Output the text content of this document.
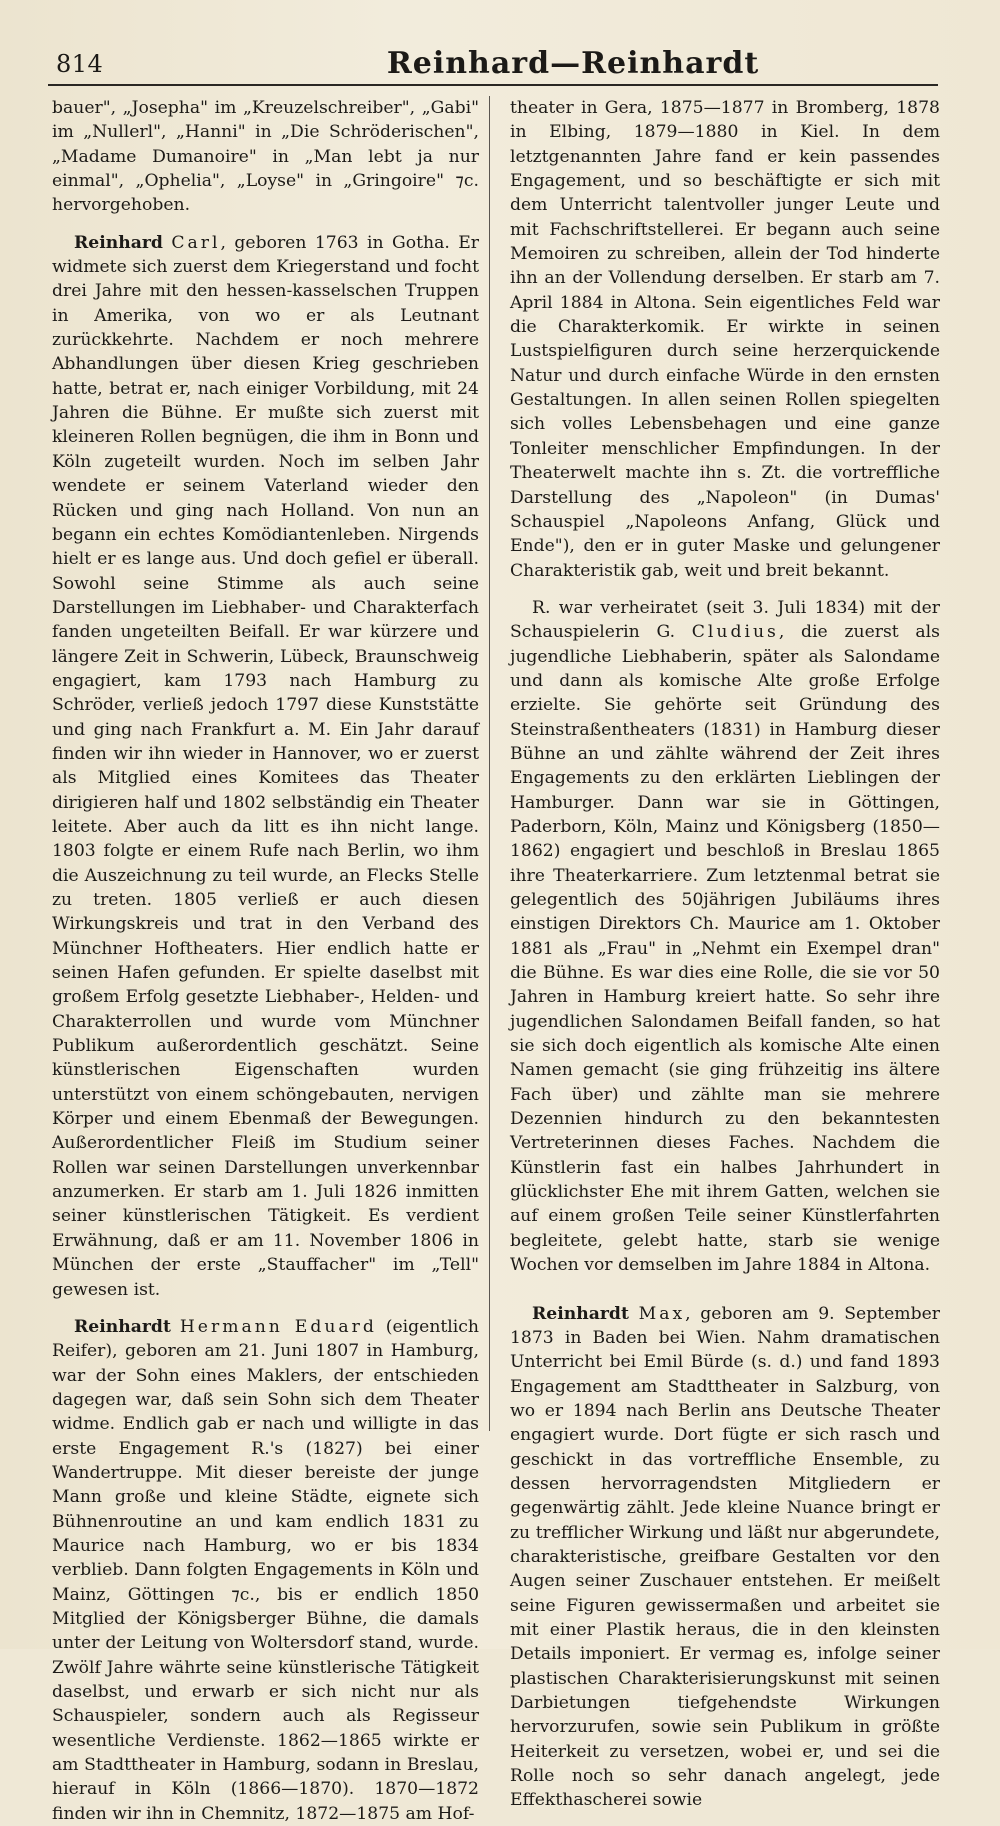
814	Reinhard—Reinhardt

bauer", „Josepha" im „Kreuzelschreiber", „Gabi" im „Nullerl", „Hanni" in „Die Schröderischen", „Madame Dumanoire" in „Man lebt ja nur einmal", „Ophelia", „Loyse" in „Gringoire" ⁊c. hervorgehoben.

Reinhard Carl, geboren 1763 in Gotha. Er widmete sich zuerst dem Kriegerstand und focht drei Jahre mit den hessen-kasselschen Truppen in Amerika, von wo er als Leutnant zurückkehrte. Nachdem er noch mehrere Abhandlungen über diesen Krieg geschrieben hatte, betrat er, nach einiger Vorbildung, mit 24 Jahren die Bühne. Er mußte sich zuerst mit kleineren Rollen begnügen, die ihm in Bonn und Köln zugeteilt wurden. Noch im selben Jahr wendete er seinem Vaterland wieder den Rücken und ging nach Holland. Von nun an begann ein echtes Komödiantenleben. Nirgends hielt er es lange aus. Und doch gefiel er überall. Sowohl seine Stimme als auch seine Darstellungen im Liebhaber- und Charakterfach fanden ungeteilten Beifall. Er war kürzere und längere Zeit in Schwerin, Lübeck, Braunschweig engagiert, kam 1793 nach Hamburg zu Schröder, verließ jedoch 1797 diese Kunststätte und ging nach Frankfurt a. M. Ein Jahr darauf finden wir ihn wieder in Hannover, wo er zuerst als Mitglied eines Komitees das Theater dirigieren half und 1802 selbständig ein Theater leitete. Aber auch da litt es ihn nicht lange. 1803 folgte er einem Rufe nach Berlin, wo ihm die Auszeichnung zu teil wurde, an Flecks Stelle zu treten. 1805 verließ er auch diesen Wirkungskreis und trat in den Verband des Münchner Hoftheaters. Hier endlich hatte er seinen Hafen gefunden. Er spielte daselbst mit großem Erfolg gesetzte Liebhaber-, Helden- und Charakterrollen und wurde vom Münchner Publikum außerordentlich geschätzt. Seine künstlerischen Eigenschaften wurden unterstützt von einem schöngebauten, nervigen Körper und einem Ebenmaß der Bewegungen. Außerordentlicher Fleiß im Studium seiner Rollen war seinen Darstellungen unverkennbar anzumerken. Er starb am 1. Juli 1826 inmitten seiner künstlerischen Tätigkeit. Es verdient Erwähnung, daß er am 11. November 1806 in München der erste „Stauffacher" im „Tell" gewesen ist.

Reinhardt Hermann Eduard (eigentlich Reifer), geboren am 21. Juni 1807 in Hamburg, war der Sohn eines Maklers, der entschieden dagegen war, daß sein Sohn sich dem Theater widme. Endlich gab er nach und willigte in das erste Engagement R.'s (1827) bei einer Wandertruppe. Mit dieser bereiste der junge Mann große und kleine Städte, eignete sich Bühnenroutine an und kam endlich 1831 zu Maurice nach Hamburg, wo er bis 1834 verblieb. Dann folgten Engagements in Köln und Mainz, Göttingen ⁊c., bis er endlich 1850 Mitglied der Königsberger Bühne, die damals unter der Leitung von Woltersdorf stand, wurde. Zwölf Jahre währte seine künstlerische Tätigkeit daselbst, und erwarb er sich nicht nur als Schauspieler, sondern auch als Regisseur wesentliche Verdienste. 1862—1865 wirkte er am Stadttheater in Hamburg, sodann in Breslau, hierauf in Köln (1866—1870). 1870—1872 finden wir ihn in Chemnitz, 1872—1875 am Hof-

theater in Gera, 1875—1877 in Bromberg, 1878 in Elbing, 1879—1880 in Kiel. In dem letztgenannten Jahre fand er kein passendes Engagement, und so beschäftigte er sich mit dem Unterricht talentvoller junger Leute und mit Fachschriftstellerei. Er begann auch seine Memoiren zu schreiben, allein der Tod hinderte ihn an der Vollendung derselben. Er starb am 7. April 1884 in Altona. Sein eigentliches Feld war die Charakterkomik. Er wirkte in seinen Lustspielfiguren durch seine herzerquickende Natur und durch einfache Würde in den ernsten Gestaltungen. In allen seinen Rollen spiegelten sich volles Lebensbehagen und eine ganze Tonleiter menschlicher Empfindungen. In der Theaterwelt machte ihn s. Zt. die vortreffliche Darstellung des „Napoleon" (in Dumas' Schauspiel „Napoleons Anfang, Glück und Ende"), den er in guter Maske und gelungener Charakteristik gab, weit und breit bekannt.

R. war verheiratet (seit 3. Juli 1834) mit der Schauspielerin G. Cludius, die zuerst als jugendliche Liebhaberin, später als Salondame und dann als komische Alte große Erfolge erzielte. Sie gehörte seit Gründung des Steinstraßentheaters (1831) in Hamburg dieser Bühne an und zählte während der Zeit ihres Engagements zu den erklärten Lieblingen der Hamburger. Dann war sie in Göttingen, Paderborn, Köln, Mainz und Königsberg (1850—1862) engagiert und beschloß in Breslau 1865 ihre Theaterkarriere. Zum letztenmal betrat sie gelegentlich des 50jährigen Jubiläums ihres einstigen Direktors Ch. Maurice am 1. Oktober 1881 als „Frau" in „Nehmt ein Exempel dran" die Bühne. Es war dies eine Rolle, die sie vor 50 Jahren in Hamburg kreiert hatte. So sehr ihre jugendlichen Salondamen Beifall fanden, so hat sie sich doch eigentlich als komische Alte einen Namen gemacht (sie ging frühzeitig ins ältere Fach über) und zählte man sie mehrere Dezennien hindurch zu den bekanntesten Vertreterinnen dieses Faches. Nachdem die Künstlerin fast ein halbes Jahrhundert in glücklichster Ehe mit ihrem Gatten, welchen sie auf einem großen Teile seiner Künstlerfahrten begleitete, gelebt hatte, starb sie wenige Wochen vor demselben im Jahre 1884 in Altona.

Reinhardt Max, geboren am 9. September 1873 in Baden bei Wien. Nahm dramatischen Unterricht bei Emil Bürde (s. d.) und fand 1893 Engagement am Stadttheater in Salzburg, von wo er 1894 nach Berlin ans Deutsche Theater engagiert wurde. Dort fügte er sich rasch und geschickt in das vortreffliche Ensemble, zu dessen hervorragendsten Mitgliedern er gegenwärtig zählt. Jede kleine Nuance bringt er zu trefflicher Wirkung und läßt nur abgerundete, charakteristische, greifbare Gestalten vor den Augen seiner Zuschauer entstehen. Er meißelt seine Figuren gewissermaßen und arbeitet sie mit einer Plastik heraus, die in den kleinsten Details imponiert. Er vermag es, infolge seiner plastischen Charakterisierungskunst mit seinen Darbietungen tiefgehendste Wirkungen hervorzurufen, sowie sein Publikum in größte Heiterkeit zu versetzen, wobei er, und sei die Rolle noch so sehr danach angelegt, jede Effekthascherei sowie
